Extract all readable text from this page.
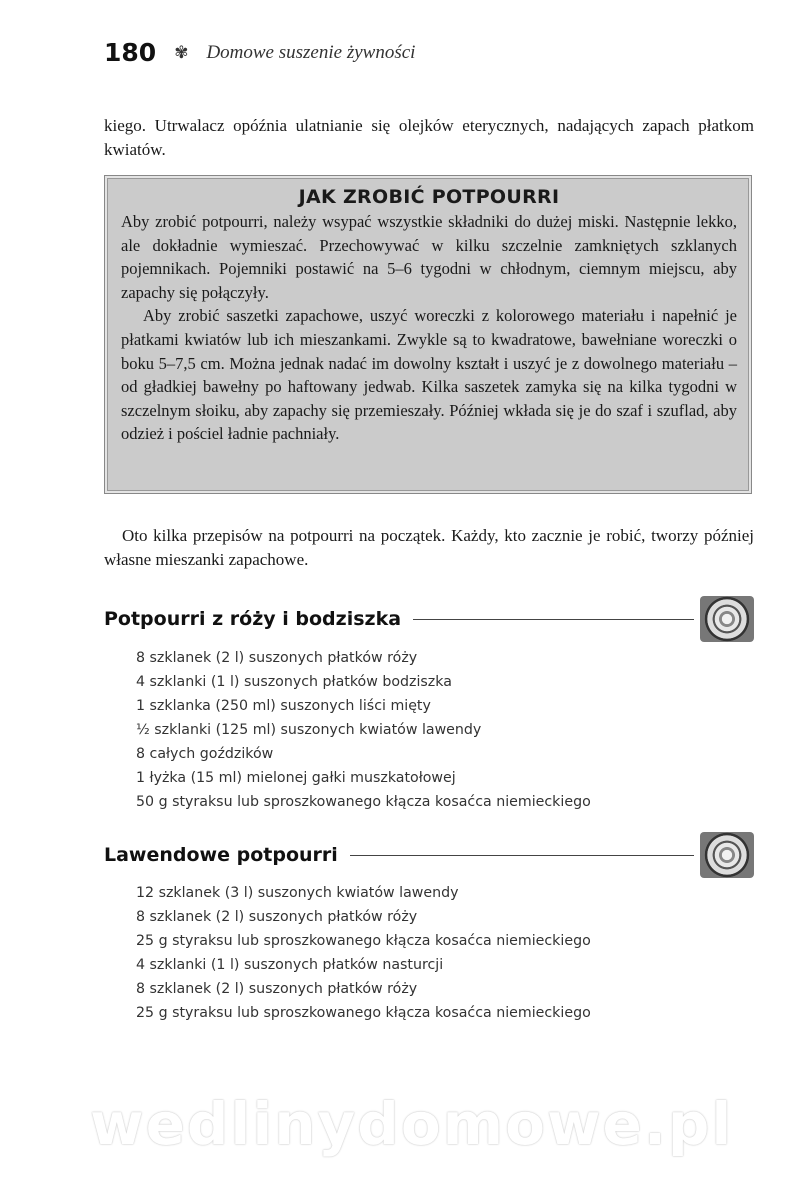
180 ✾ Domowe suszenie żywności

kiego. Utrwalacz opóźnia ulatnianie się olejków eterycznych, nadających zapach płatkom kwiatów.

JAK ZROBIĆ POTPOURRI

Aby zrobić potpourri, należy wsypać wszystkie składniki do dużej miski. Następnie lekko, ale dokładnie wymieszać. Przechowywać w kilku szczelnie zamkniętych szklanych pojemnikach. Pojemniki postawić na 5–6 tygodni w chłodnym, ciemnym miejscu, aby zapachy się połączyły.

Aby zrobić saszetki zapachowe, uszyć woreczki z kolorowego materiału i napełnić je płatkami kwiatów lub ich mieszankami. Zwykle są to kwadratowe, bawełniane woreczki o boku 5–7,5 cm. Można jednak nadać im dowolny kształt i uszyć je z dowolnego materiału – od gładkiej bawełny po haftowany jedwab. Kilka saszetek zamyka się na kilka tygodni w szczelnym słoiku, aby zapachy się przemieszały. Później wkłada się je do szaf i szuflad, aby odzież i pościel ładnie pachniały.

Oto kilka przepisów na potpourri na początek. Każdy, kto zacznie je robić, tworzy później własne mieszanki zapachowe.

Potpourri z róży i bodziszka
8 szklanek (2 l) suszonych płatków róży
4 szklanki (1 l) suszonych płatków bodziszka
1 szklanka (250 ml) suszonych liści mięty
½ szklanki (125 ml) suszonych kwiatów lawendy
8 całych goździków
1 łyżka (15 ml) mielonej gałki muszkatołowej
50 g styraksu lub sproszkowanego kłącza kosaćca niemieckiego
Lawendowe potpourri
12 szklanek (3 l) suszonych kwiatów lawendy
8 szklanek (2 l) suszonych płatków róży
25 g styraksu lub sproszkowanego kłącza kosaćca niemieckiego
4 szklanki (1 l) suszonych płatków nasturcji
8 szklanek (2 l) suszonych płatków róży
25 g styraksu lub sproszkowanego kłącza kosaćca niemieckiego
wedlinydomowe.pl
